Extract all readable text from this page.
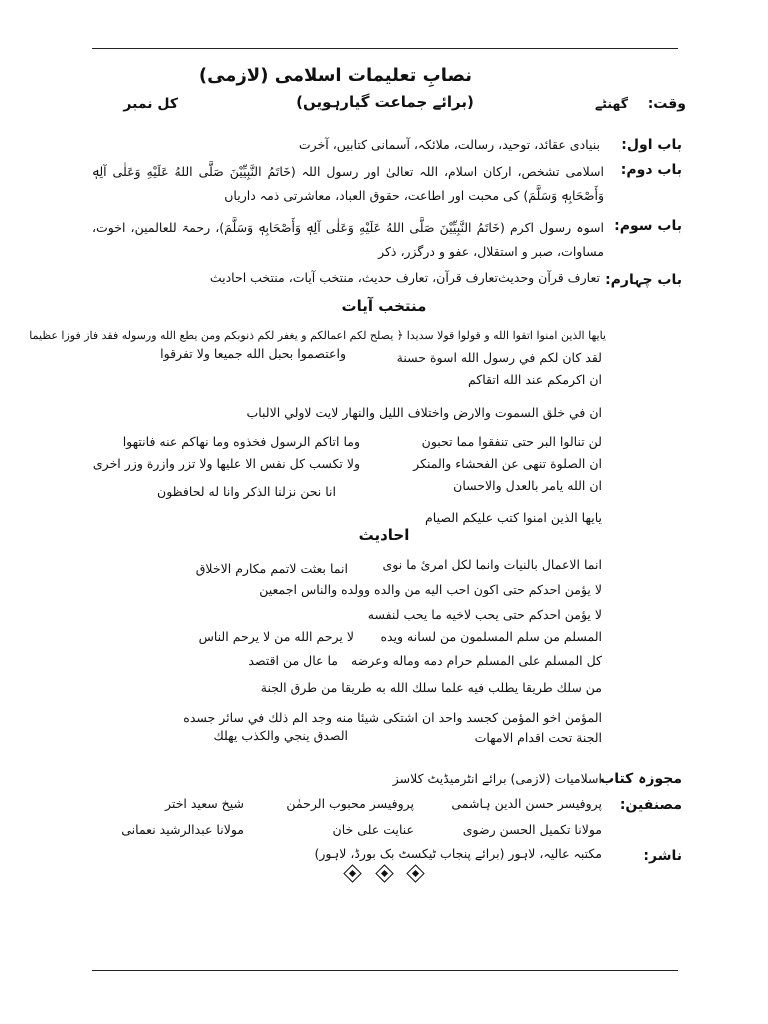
نصابِ تعلیمات اسلامی (لازمی)
(برائے جماعت گیارہویں)	وقت:
گھنٹے
کل نمبر
باب اول:
بنیادی عقائد، توحید، رسالت، ملائکہ، آسمانی کتابیں، آخرت
باب دوم:
اسلامی تشخص، ارکان اسلام، اللہ تعالیٰ اور رسول اللہ (خَاتَمُ النَّبِيِّيْنَ صَلَّى اللهُ عَلَيْهِ وَعَلٰى آلِهٖ وَأَصْحَابِهٖ وَسَلَّمَ) کی محبت اور اطاعت، حقوق العباد، معاشرتی ذمہ داریاں
باب سوم:
اسوہ رسول اکرم (خَاتَمُ النَّبِيِّيْنَ صَلَّى اللهُ عَلَيْهِ وَعَلٰى آلِهٖ وَأَصْحَابِهٖ وَسَلَّمَ)، رحمۃ للعالمین، اخوت، مساوات، صبر و استقلال، عفو و درگزر، ذکر
باب چہارم:
تعارف قرآن وحدیث
تعارف قرآن، تعارف حدیث، منتخب آیات، منتخب احادیث
منتخب آیات
يايها الذين امنوا اتقوا الله و قولوا قولا سديدا ﴿ يصلح لكم اعمالكم و يغفر لكم ذنوبكم ومن يطع الله ورسوله فقد فاز فوزا عظيما
لقد كان لكم في رسول الله اسوة حسنة
واعتصموا بحبل الله جميعا ولا تفرقوا
ان اكرمكم عند الله اتقاكم
ان في خلق السموت والارض واختلاف الليل والنهار لايت لاولي الالباب
لن تنالوا البر حتى تنفقوا مما تحبون
وما اتاكم الرسول فخذوه وما نهاكم عنه فانتهوا
ان الصلوة تنهى عن الفحشاء والمنكر
ولا تكسب كل نفس الا عليها ولا تزر وازرة وزر اخرى
ان الله يامر بالعدل والاحسان
انا نحن نزلنا الذكر وانا له لحافظون
يايها الذين امنوا كتب عليكم الصيام
احادیث
انما الاعمال بالنيات وانما لكل امرئ ما نوى
انما بعثت لاتمم مكارم الاخلاق
لا يؤمن احدكم حتى اكون احب اليه من والده وولده والناس اجمعين
لا يؤمن احدكم حتى يحب لاخيه ما يحب لنفسه
المسلم من سلم المسلمون من لسانه ويده
لا يرحم الله من لا يرحم الناس
كل المسلم على المسلم حرام دمه وماله وعرضه
ما عال من اقتصد
من سلك طريقا يطلب فيه علما سلك الله به طريقا من طرق الجنة
المؤمن اخو المؤمن كجسد واحد ان اشتكى شيئا منه وجد الم ذلك في سائر جسده
الجنة تحت اقدام الامهات
الصدق ينجي والكذب يهلك
مجوزہ کتاب
اسلامیات (لازمی) برائے انٹرمیڈیٹ کلاسز
مصنفین:
پروفیسر حسن الدین ہاشمی
پروفیسر محبوب الرحمٰن
شیخ سعید اختر
مولانا تکمیل الحسن رضوی
عنایت علی خان
مولانا عبدالرشید نعمانی
ناشر:
مکتبہ عالیہ، لاہور (برائے پنجاب ٹیکسٹ بک بورڈ، لاہور)
